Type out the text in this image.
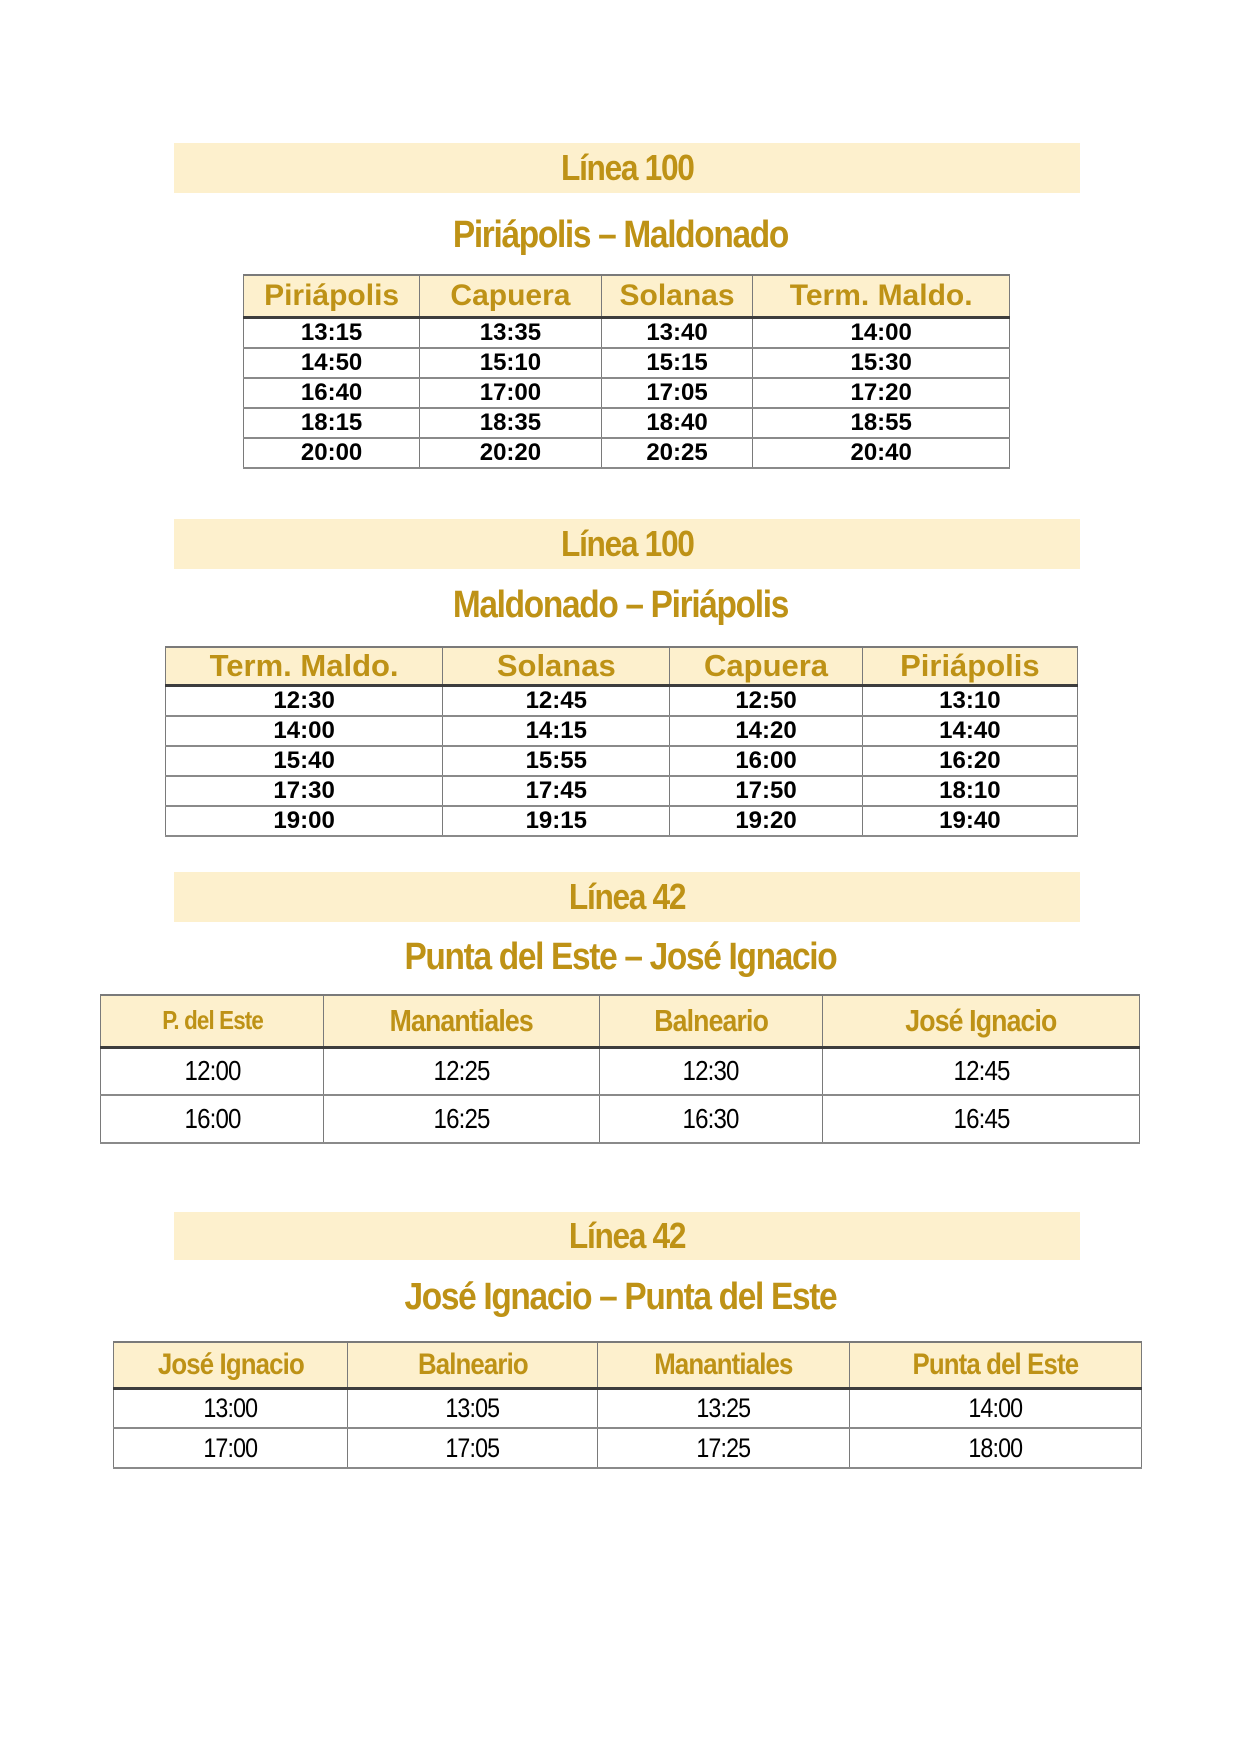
Línea 100
Piriápolis – Maldonado
Piriápolis	Capuera	Solanas	Term. Maldo.
13:15	13:35	13:40	14:00
14:50	15:10	15:15	15:30
16:40	17:00	17:05	17:20
18:15	18:35	18:40	18:55
20:00	20:20	20:25	20:40
Línea 100
Maldonado – Piriápolis
Term. Maldo.	Solanas	Capuera	Piriápolis
12:30	12:45	12:50	13:10
14:00	14:15	14:20	14:40
15:40	15:55	16:00	16:20
17:30	17:45	17:50	18:10
19:00	19:15	19:20	19:40
Línea 42
Punta del Este – José Ignacio
P. del Este	Manantiales	Balneario	José Ignacio
12:00	12:25	12:30	12:45
16:00	16:25	16:30	16:45
Línea 42
José Ignacio – Punta del Este
José Ignacio	Balneario	Manantiales	Punta del Este
13:00	13:05	13:25	14:00
17:00	17:05	17:25	18:00
